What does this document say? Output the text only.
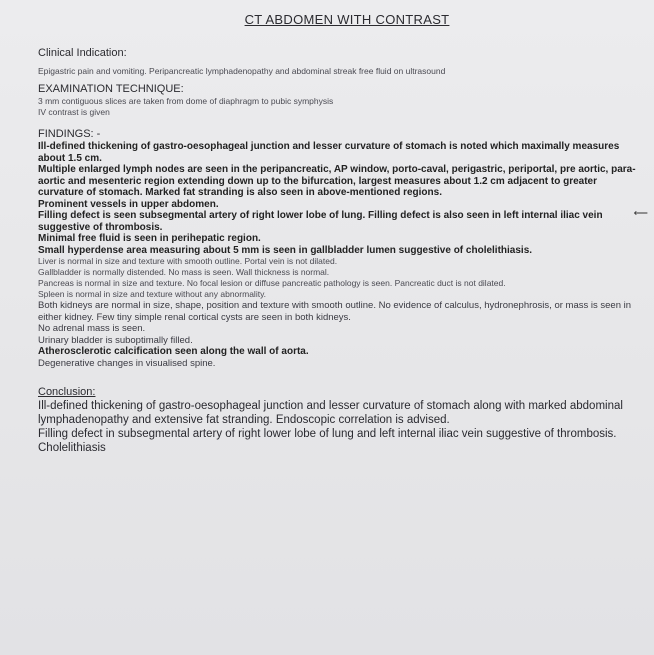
CT ABDOMEN WITH CONTRAST
Clinical Indication:
Epigastric pain and vomiting. Peripancreatic lymphadenopathy and abdominal streak free fluid on ultrasound
EXAMINATION TECHNIQUE:
3 mm contiguous slices are taken from dome of diaphragm to pubic symphysis
IV contrast is given
FINDINGS: -
Ill-defined thickening of gastro-oesophageal junction and lesser curvature of stomach is noted which maximally measures about 1.5 cm.
Multiple enlarged lymph nodes are seen in the peripancreatic, AP window, porto-caval, perigastric, periportal, pre aortic, para-aortic and mesenteric region extending down up to the bifurcation, largest measures about 1.2 cm adjacent to greater curvature of stomach. Marked fat stranding is also seen in above-mentioned regions.
Prominent vessels in upper abdomen.
Filling defect is seen subsegmental artery of right lower lobe of lung. Filling defect is also seen in left internal iliac vein suggestive of thrombosis.
Minimal free fluid is seen in perihepatic region.
Small hyperdense area measuring about 5 mm is seen in gallbladder lumen suggestive of cholelithiasis.
Liver is normal in size and texture with smooth outline. Portal vein is not dilated.
Gallbladder is normally distended. No mass is seen. Wall thickness is normal.
Pancreas is normal in size and texture. No focal lesion or diffuse pancreatic pathology is seen. Pancreatic duct is not dilated.
Spleen is normal in size and texture without any abnormality.
Both kidneys are normal in size, shape, position and texture with smooth outline. No evidence of calculus, hydronephrosis, or mass is seen in either kidney. Few tiny simple renal cortical cysts are seen in both kidneys.
No adrenal mass is seen.
Urinary bladder is suboptimally filled.
Atherosclerotic calcification seen along the wall of aorta.
Degenerative changes in visualised spine.
Conclusion:
Ill-defined thickening of gastro-oesophageal junction and lesser curvature of stomach along with marked abdominal lymphadenopathy and extensive fat stranding. Endoscopic correlation is advised.
Filling defect in subsegmental artery of right lower lobe of lung and left internal iliac vein suggestive of thrombosis.
Cholelithiasis
⟵
